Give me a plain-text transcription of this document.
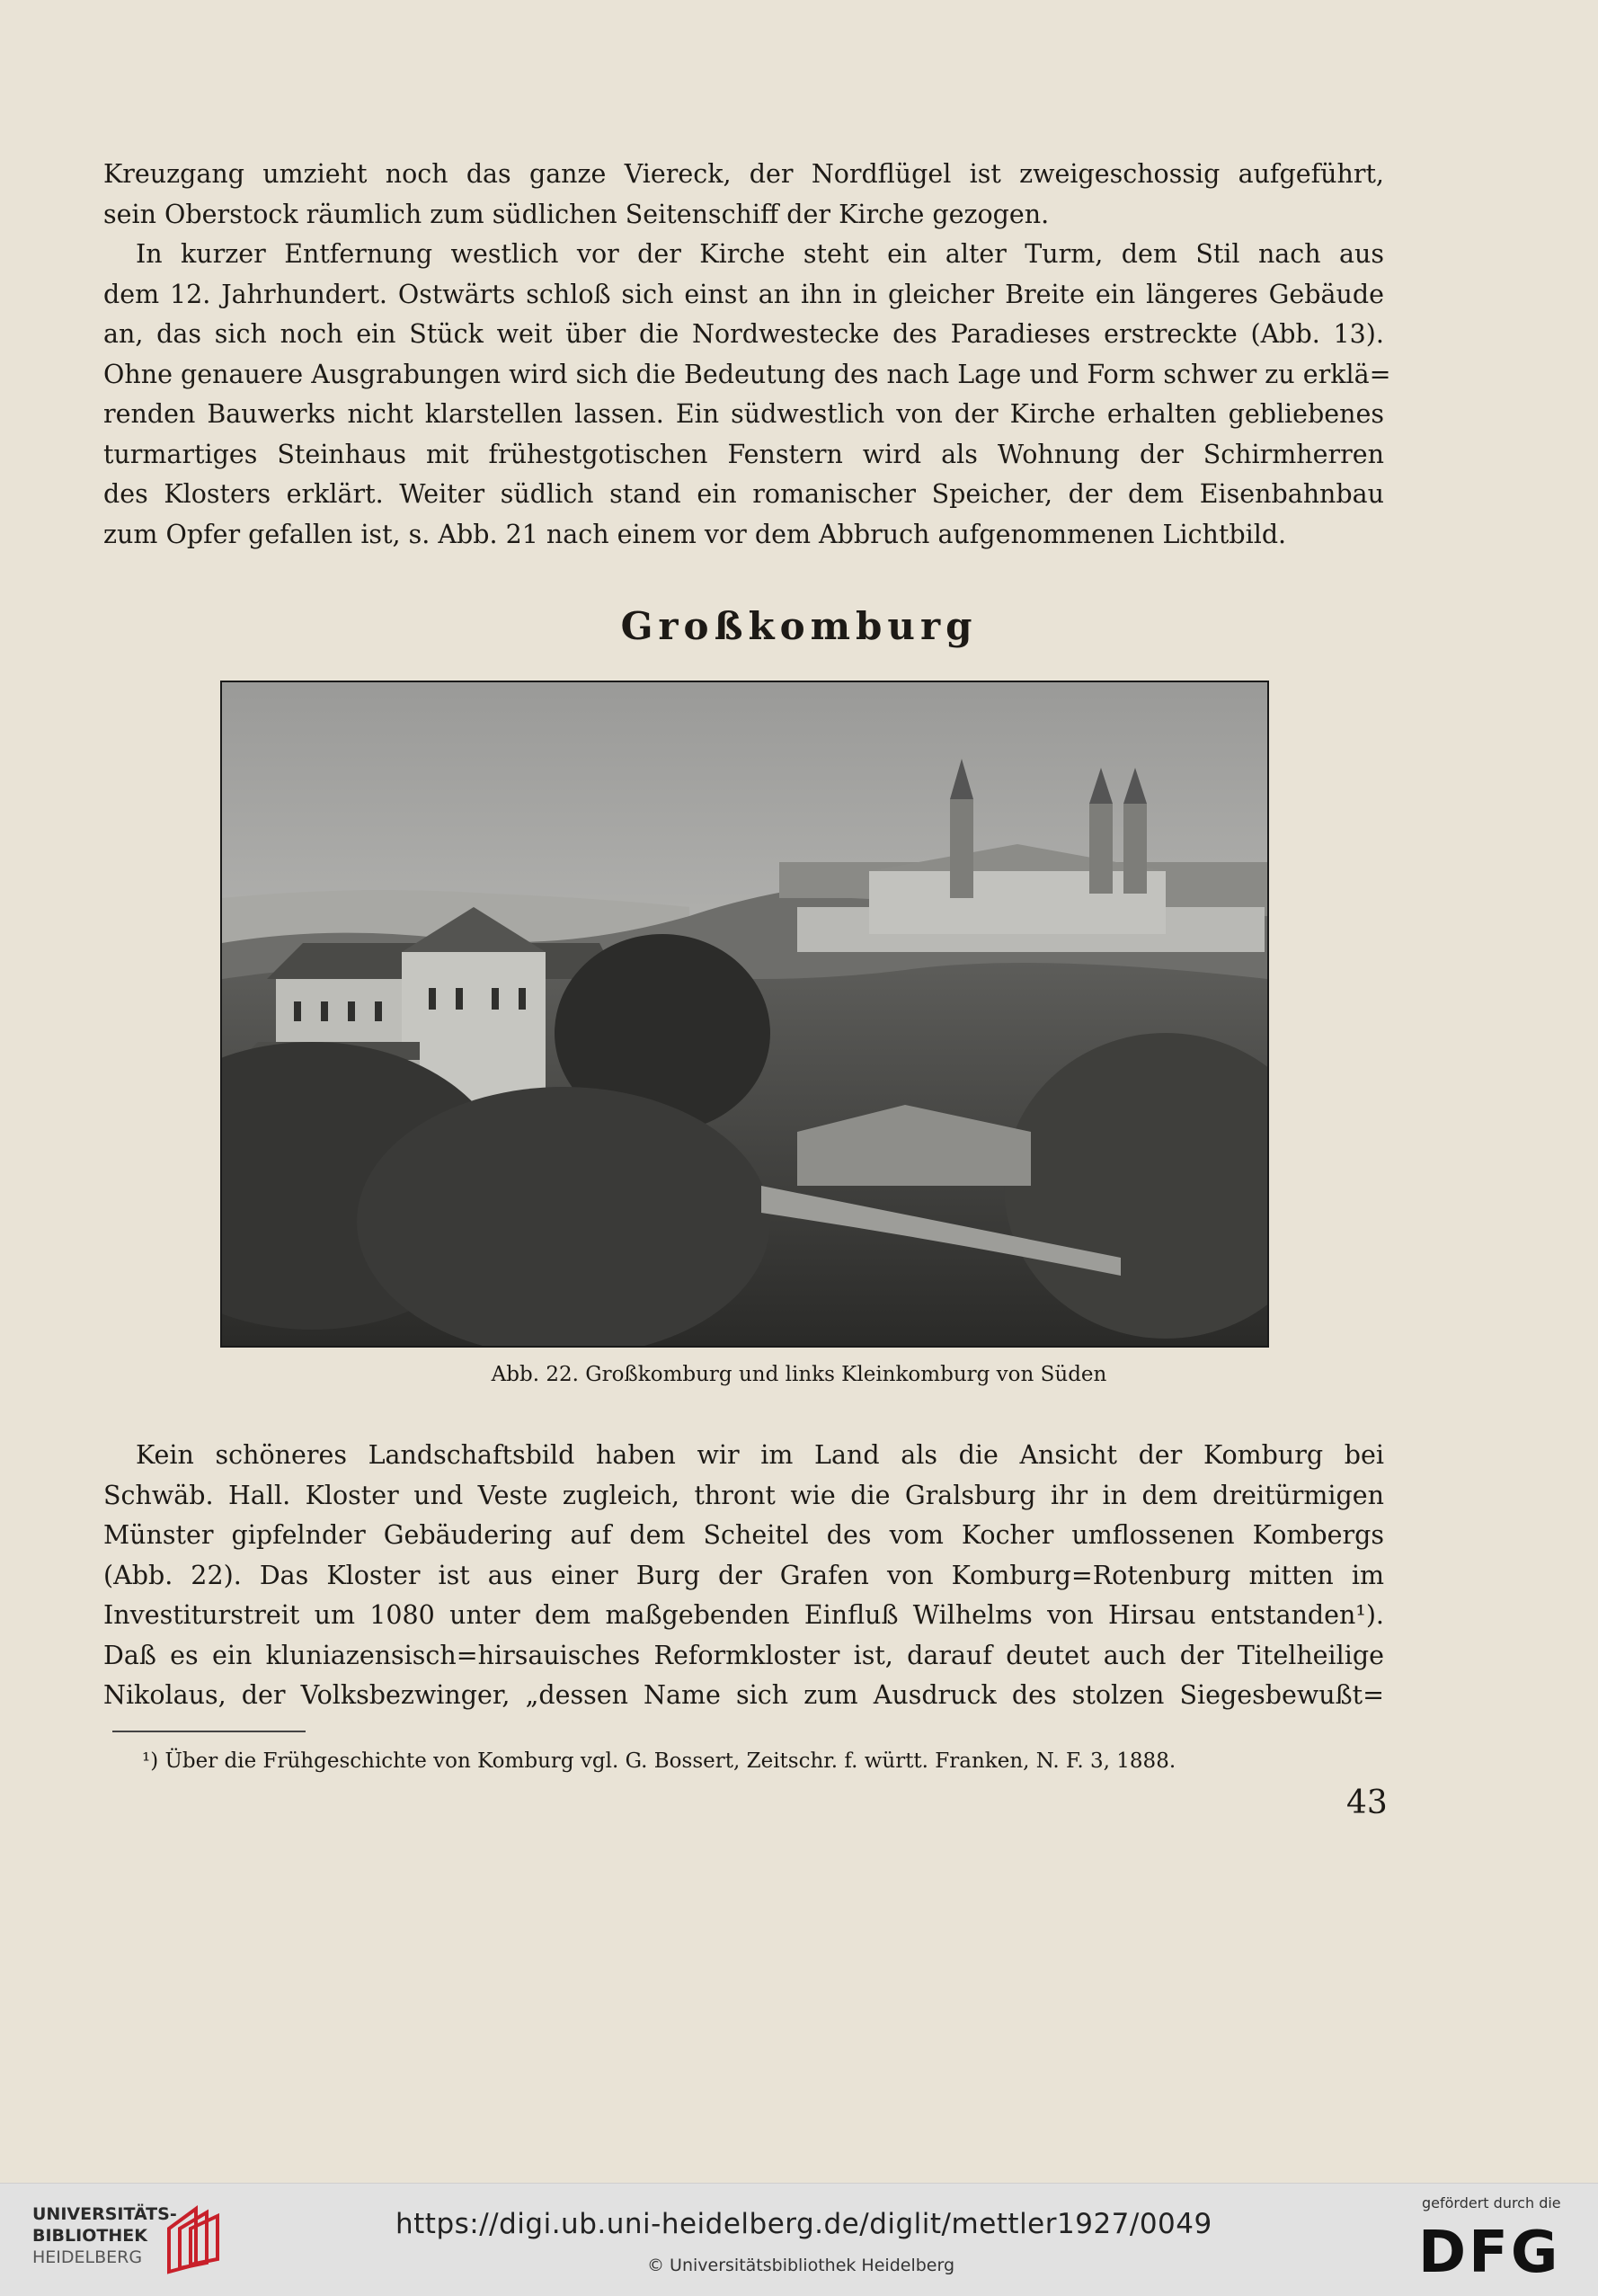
Kreuzgang umzieht noch das ganze Viereck, der Nordflügel ist zweigeschossig aufgeführt,
sein Oberstock räumlich zum südlichen Seitenschiff der Kirche gezogen.
In kurzer Entfernung westlich vor der Kirche steht ein alter Turm, dem Stil nach aus
dem 12. Jahrhundert. Ostwärts schloß sich einst an ihn in gleicher Breite ein längeres Gebäude
an, das sich noch ein Stück weit über die Nordwestecke des Paradieses erstreckte (Abb. 13).
Ohne genauere Ausgrabungen wird sich die Bedeutung des nach Lage und Form schwer zu erklä=
renden Bauwerks nicht klarstellen lassen. Ein südwestlich von der Kirche erhalten gebliebenes
turmartiges Steinhaus mit frühestgotischen Fenstern wird als Wohnung der Schirmherren
des Klosters erklärt. Weiter südlich stand ein romanischer Speicher, der dem Eisenbahnbau
zum Opfer gefallen ist, s. Abb. 21 nach einem vor dem Abbruch aufgenommenen Lichtbild.
Großkomburg
Abb. 22. Großkomburg und links Kleinkomburg von Süden
Kein schöneres Landschaftsbild haben wir im Land als die Ansicht der Komburg bei
Schwäb. Hall. Kloster und Veste zugleich, thront wie die Gralsburg ihr in dem dreitürmigen
Münster gipfelnder Gebäudering auf dem Scheitel des vom Kocher umflossenen Kombergs
(Abb. 22). Das Kloster ist aus einer Burg der Grafen von Komburg=Rotenburg mitten im
Investiturstreit um 1080 unter dem maßgebenden Einfluß Wilhelms von Hirsau entstanden¹).
Daß es ein kluniazensisch=hirsauisches Reformkloster ist, darauf deutet auch der Titelheilige
Nikolaus, der Volksbezwinger, „dessen Name sich zum Ausdruck des stolzen Siegesbewußt=
¹) Über die Frühgeschichte von Komburg vgl. G. Bossert, Zeitschr. f. württ. Franken, N. F. 3, 1888.
43
UNIVERSITÄTS-
BIBLIOTHEK
HEIDELBERG
https://digi.ub.uni-heidelberg.de/diglit/mettler1927/0049
© Universitätsbibliothek Heidelberg
gefördert durch die
DFG
